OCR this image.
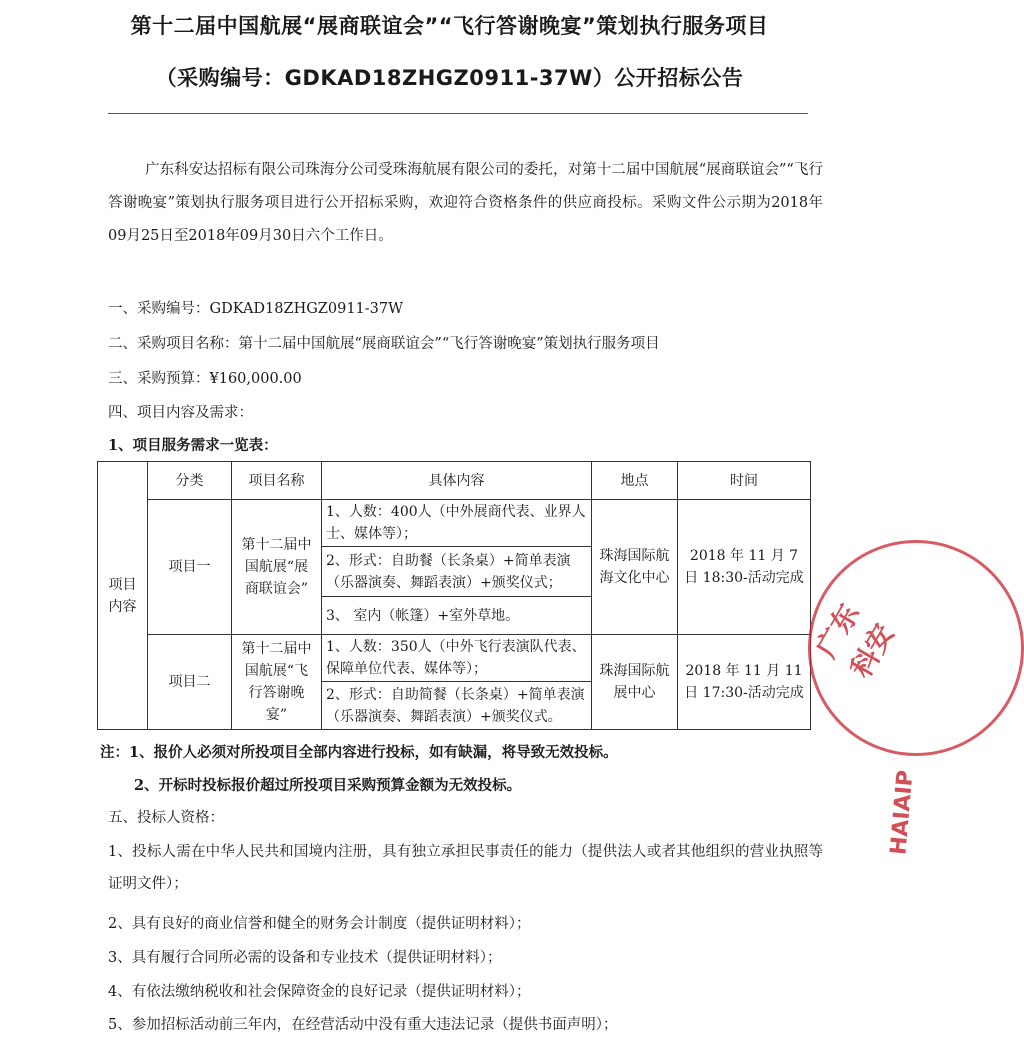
第十二届中国航展“展商联谊会”“飞行答谢晚宴”策划执行服务项目
（采购编号：GDKAD18ZHGZ0911-37W）公开招标公告
广东科安达招标有限公司珠海分公司受珠海航展有限公司的委托，对第十二届中国航展“展商联谊会”“飞行答谢晚宴”策划执行服务项目进行公开招标采购，欢迎符合资格条件的供应商投标。采购文件公示期为2018年09月25日至2018年09月30日六个工作日。
一、采购编号：GDKAD18ZHGZ0911-37W
二、采购项目名称：第十二届中国航展“展商联谊会”“飞行答谢晚宴”策划执行服务项目
三、采购预算：¥160,000.00
四、项目内容及需求：
1、项目服务需求一览表：
项目内容	分类	项目名称	具体内容	地点	时间
	项目一	第十二届中国航展“展商联谊会”	1、人数：400人（中外展商代表、业界人士、媒体等）；	珠海国际航海文化中心	2018 年 11 月 7 日 18:30-活动完成
			2、形式：自助餐（长条桌）+简单表演（乐器演奏、舞蹈表演）+颁奖仪式；		
			3、 室内（帐篷）+室外草地。		
	项目二	第十二届中国航展“飞行答谢晚宴”	1、人数：350人（中外飞行表演队代表、保障单位代表、媒体等）；	珠海国际航展中心	2018 年 11 月 11 日 17:30-活动完成
			2、形式：自助简餐（长条桌）+简单表演（乐器演奏、舞蹈表演）+颁奖仪式。		
注：1、报价人必须对所投项目全部内容进行投标，如有缺漏，将导致无效投标。
2、开标时投标报价超过所投项目采购预算金额为无效投标。
五、投标人资格：
1、投标人需在中华人民共和国境内注册，具有独立承担民事责任的能力（提供法人或者其他组织的营业执照等证明文件）；
2、具有良好的商业信誉和健全的财务会计制度（提供证明材料）；
3、具有履行合同所必需的设备和专业技术（提供证明材料）；
4、有依法缴纳税收和社会保障资金的良好记录（提供证明材料）；
5、参加招标活动前三年内，在经营活动中没有重大违法记录（提供书面声明）；
广东科安
HAIAIP
